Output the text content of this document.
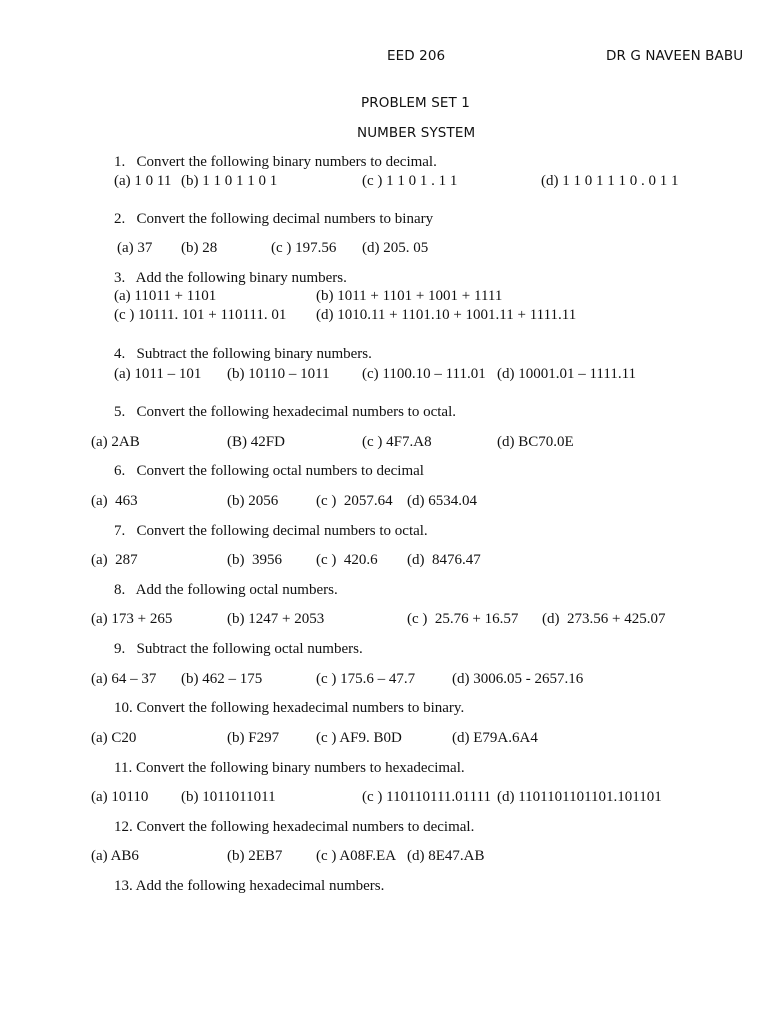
EED 206	DR G NAVEEN BABU
PROBLEM SET 1
NUMBER SYSTEM
1.   Convert the following binary numbers to decimal.
(a) 1 0 11 (b) 1 1 0 1 1 0 1	(c ) 1 1 0 1 . 1 1	(d) 1 1 0 1 1 1 0 . 0 1 1
2.   Convert the following decimal numbers to binary
(a) 37 (b) 28	(c ) 197.56 (d) 205. 05
3.   Add the following binary numbers.
(a) 11011 + 1101	(b) 1011 + 1101 + 1001 + 1111
(c ) 10111. 101 + 110111. 01 (d) 1010.11 + 1101.10 + 1001.11 + 1111.11
4.   Subtract the following binary numbers.
(a) 1011 – 101 (b) 10110 – 1011 (c) 1100.10 – 111.01 (d) 10001.01 – 1111.11
5.   Convert the following hexadecimal numbers to octal.
(a) 2AB	(B) 42FD	(c ) 4F7.A8	(d) BC70.0E
6.   Convert the following octal numbers to decimal
(a)  463	(b) 2056	(c )  2057.64 (d) 6534.04
7.   Convert the following decimal numbers to octal.
(a)  287	(b)  3956 (c )  420.6 (d)  8476.47
8.   Add the following octal numbers.
(a) 173 + 265	(b) 1247 + 2053	(c )  25.76 + 16.57 (d)  273.56 + 425.07
9.   Subtract the following octal numbers.
(a) 64 – 37 (b) 462 – 175	(c ) 175.6 – 47.7 (d) 3006.05 - 2657.16
10. Convert the following hexadecimal numbers to binary.
(a) C20	(b) F297 (c ) AF9. B0D	(d) E79A.6A4
11. Convert the following binary numbers to hexadecimal.
(a) 10110 (b) 1011011011	(c ) 110110111.01111 (d) 1101101101101.101101
12. Convert the following hexadecimal numbers to decimal.
(a) AB6	(b) 2EB7 (c ) A08F.EA (d) 8E47.AB
13. Add the following hexadecimal numbers.
